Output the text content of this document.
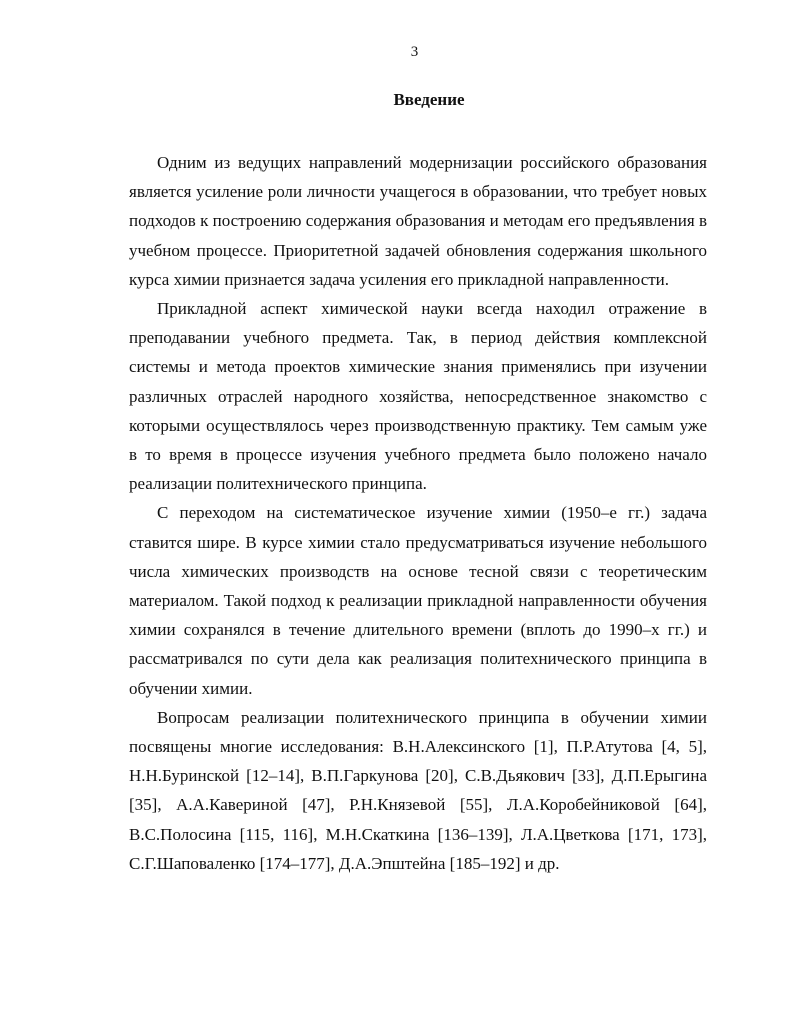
3
Введение

Одним из ведущих направлений модернизации российского образования является усиление роли личности учащегося в образовании, что требует новых подходов к построению содержания образования и методам его предъявления в учебном процессе. Приоритетной задачей обновления содержания школьного курса химии признается задача усиления его прикладной направленности.

Прикладной аспект химической науки всегда находил отражение в преподавании учебного предмета. Так, в период действия комплексной системы и метода проектов химические знания применялись при изучении различных отраслей народного хозяйства, непосредственное знакомство с которыми осуществлялось через производственную практику. Тем самым уже в то время в процессе изучения учебного предмета было положено начало реализации политехнического принципа.

С переходом на систематическое изучение химии (1950–е гг.) задача ставится шире. В курсе химии стало предусматриваться изучение небольшого числа химических производств на основе тесной связи с теоретическим материалом. Такой подход к реализации прикладной направленности обучения химии сохранялся в течение длительного времени (вплоть до 1990–х гг.) и рассматривался по сути дела как реализация политехнического принципа в обучении химии.

Вопросам реализации политехнического принципа в обучении химии посвящены многие исследования: В.Н.Алексинского [1], П.Р.Атутова [4, 5], Н.Н.Буринской [12–14], В.П.Гаркунова [20], С.В.Дьякович [33], Д.П.Ерыгина [35], А.А.Кавериной [47], Р.Н.Князевой [55], Л.А.Коробейниковой [64], В.С.Полосина [115, 116], М.Н.Скаткина [136–139], Л.А.Цветкова [171, 173], С.Г.Шаповаленко [174–177], Д.А.Эпштейна [185–192] и др.
